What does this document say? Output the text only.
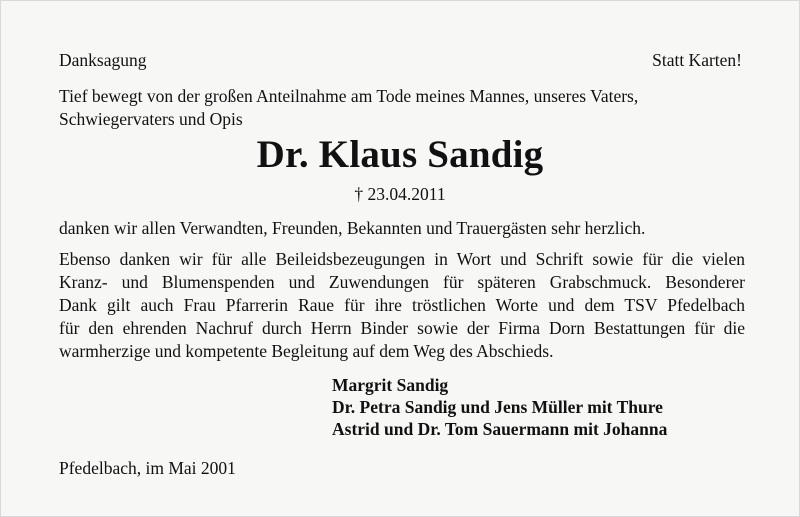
Danksagung	Statt Karten!
Tief bewegt von der großen Anteilnahme am Tode meines Mannes, unseres Vaters,
Schwiegervaters und Opis
Dr. Klaus Sandig
† 23.04.2011
danken wir allen Verwandten, Freunden, Bekannten und Trauergästen sehr herzlich.
Ebenso danken wir für alle Beileidsbezeugungen in Wort und Schrift sowie für die vielen
Kranz- und Blumenspenden und Zuwendungen für späteren Grabschmuck. Besonderer
Dank gilt auch Frau Pfarrerin Raue für ihre tröstlichen Worte und dem TSV Pfedelbach
für den ehrenden Nachruf durch Herrn Binder sowie der Firma Dorn Bestattungen für die
warmherzige und kompetente Begleitung auf dem Weg des Abschieds.
Margrit Sandig
Dr. Petra Sandig und Jens Müller mit Thure
Astrid und Dr. Tom Sauermann mit Johanna
Pfedelbach, im Mai 2001
